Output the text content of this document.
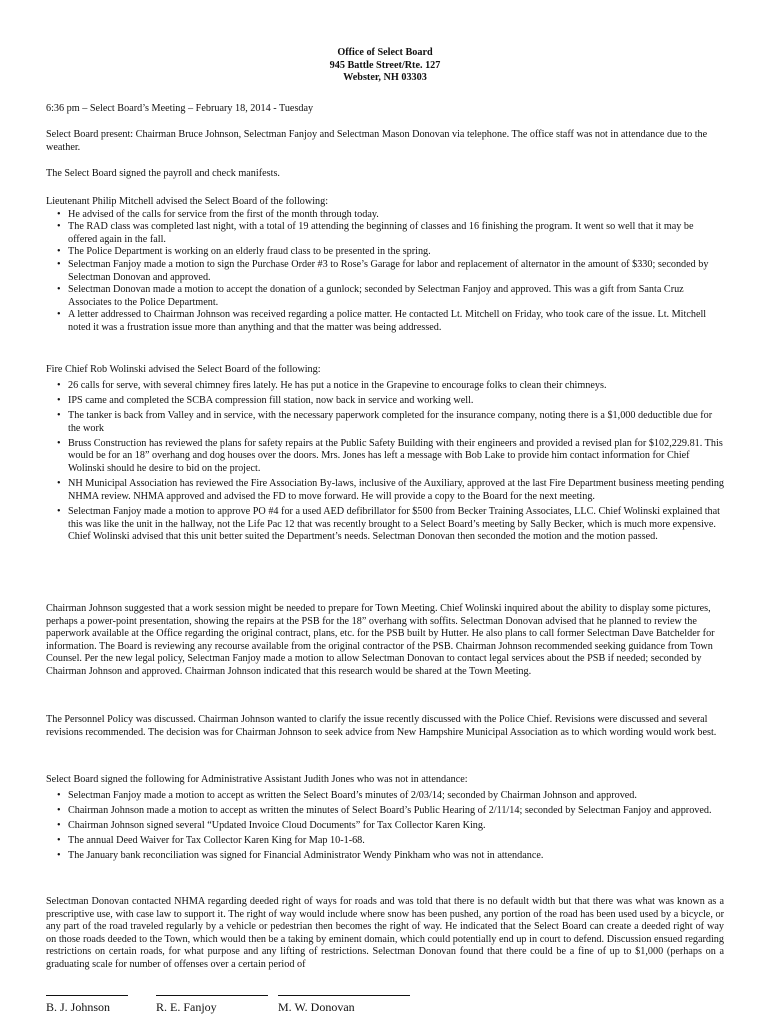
Office of Select Board
945 Battle Street/Rte. 127
Webster, NH 03303

6:36 pm – Select Board’s Meeting – February 18, 2014 - Tuesday

Select Board present: Chairman Bruce Johnson, Selectman Fanjoy and Selectman Mason Donovan via telephone. The office staff was not in attendance due to the weather.

The Select Board signed the payroll and check manifests.

Lieutenant Philip Mitchell advised the Select Board of the following:

• He advised of the calls for service from the first of the month through today.
• The RAD class was completed last night, with a total of 19 attending the beginning of classes and 16 finishing the program. It went so well that it may be offered again in the fall.
• The Police Department is working on an elderly fraud class to be presented in the spring.
• Selectman Fanjoy made a motion to sign the Purchase Order #3 to Rose’s Garage for labor and replacement of alternator in the amount of $330; seconded by Selectman Donovan and approved.
• Selectman Donovan made a motion to accept the donation of a gunlock; seconded by Selectman Fanjoy and approved. This was a gift from Santa Cruz Associates to the Police Department.
• A letter addressed to Chairman Johnson was received regarding a police matter. He contacted Lt. Mitchell on Friday, who took care of the issue. Lt. Mitchell noted it was a frustration issue more than anything and that the matter was being addressed.

Fire Chief Rob Wolinski advised the Select Board of the following:

• 26 calls for serve, with several chimney fires lately. He has put a notice in the Grapevine to encourage folks to clean their chimneys.
• IPS came and completed the SCBA compression fill station, now back in service and working well.
• The tanker is back from Valley and in service, with the necessary paperwork completed for the insurance company, noting there is a $1,000 deductible due for the work
• Bruss Construction has reviewed the plans for safety repairs at the Public Safety Building with their engineers and provided a revised plan for $102,229.81. This would be for an 18” overhang and dog houses over the doors. Mrs. Jones has left a message with Bob Lake to provide him contact information for Chief Wolinski should he desire to bid on the project.
• NH Municipal Association has reviewed the Fire Association By-laws, inclusive of the Auxiliary, approved at the last Fire Department business meeting pending NHMA review. NHMA approved and advised the FD to move forward. He will provide a copy to the Board for the next meeting.
• Selectman Fanjoy made a motion to approve PO #4 for a used AED defibrillator for $500 from Becker Training Associates, LLC. Chief Wolinski explained that this was like the unit in the hallway, not the Life Pac 12 that was recently brought to a Select Board’s meeting by Sally Becker, which is much more expensive. Chief Wolinski advised that this unit better suited the Department’s needs. Selectman Donovan then seconded the motion and the motion passed.

Chairman Johnson suggested that a work session might be needed to prepare for Town Meeting. Chief Wolinski inquired about the ability to display some pictures, perhaps a power-point presentation, showing the repairs at the PSB for the 18” overhang with soffits. Selectman Donovan advised that he planned to review the paperwork available at the Office regarding the original contract, plans, etc. for the PSB built by Hutter. He also plans to call former Selectman Dave Batchelder for information. The Board is reviewing any recourse available from the original contractor of the PSB. Chairman Johnson recommended seeking guidance from Town Counsel. Per the new legal policy, Selectman Fanjoy made a motion to allow Selectman Donovan to contact legal services about the PSB if needed; seconded by Chairman Johnson and approved. Chairman Johnson indicated that this research would be shared at the Town Meeting.

The Personnel Policy was discussed. Chairman Johnson wanted to clarify the issue recently discussed with the Police Chief. Revisions were discussed and several revisions recommended. The decision was for Chairman Johnson to seek advice from New Hampshire Municipal Association as to which wording would work best.

Select Board signed the following for Administrative Assistant Judith Jones who was not in attendance:

• Selectman Fanjoy made a motion to accept as written the Select Board’s minutes of 2/03/14; seconded by Chairman Johnson and approved.
• Chairman Johnson made a motion to accept as written the minutes of Select Board’s Public Hearing of 2/11/14; seconded by Selectman Fanjoy and approved.
• Chairman Johnson signed several “Updated Invoice Cloud Documents” for Tax Collector Karen King.
• The annual Deed Waiver for Tax Collector Karen King for Map 10-1-68.
• The January bank reconciliation was signed for Financial Administrator Wendy Pinkham who was not in attendance.

Selectman Donovan contacted NHMA regarding deeded right of ways for roads and was told that there is no default width but that there was what was known as a prescriptive use, with case law to support it. The right of way would include where snow has been pushed, any portion of the road has been used used by a bicycle, or any part of the road traveled regularly by a vehicle or pedestrian then becomes the right of way. He indicated that the Select Board can create a deeded right of way on those roads deeded to the Town, which would then be a taking by eminent domain, which could potentially end up in court to defend. Discussion ensued regarding restrictions on certain roads, for what purpose and any lifting of restrictions. Selectman Donovan found that there could be a fine of up to $1,000 (perhaps on a graduating scale for number of offenses over a certain period of

B. J. Johnson	R. E. Fanjoy	M. W. Donovan
